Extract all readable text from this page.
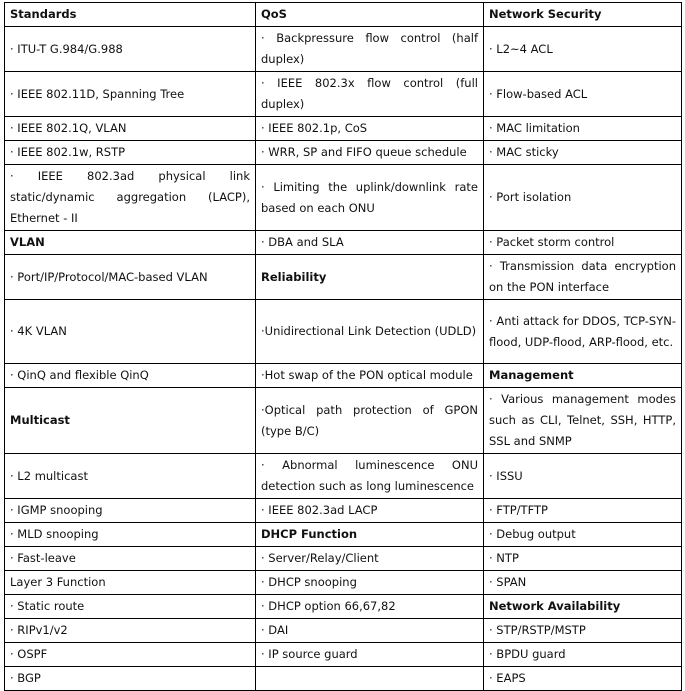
Standards	QoS	Network Security
· ITU-T G.984/G.988	· Backpressure flow control (half duplex)	· L2~4 ACL
· IEEE 802.11D, Spanning Tree	· IEEE 802.3x flow control (full duplex)	· Flow-based ACL
· IEEE 802.1Q, VLAN	· IEEE 802.1p, CoS	· MAC limitation
· IEEE 802.1w, RSTP	· WRR, SP and FIFO queue schedule	· MAC sticky
· IEEE 802.3ad physical link static/dynamic aggregation (LACP), Ethernet - II	· Limiting the uplink/downlink rate based on each ONU	· Port isolation
VLAN	· DBA and SLA	· Packet storm control
· Port/IP/Protocol/MAC-based VLAN	Reliability	· Transmission data encryption on the PON interface
· 4K VLAN	·Unidirectional Link Detection (UDLD)	· Anti attack for DDOS, TCP-SYN-flood, UDP-flood, ARP-flood, etc.
· QinQ and flexible QinQ	·Hot swap of the PON optical module	Management
Multicast	·Optical path protection of GPON (type B/C)	· Various management modes such as CLI, Telnet, SSH, HTTP, SSL and SNMP
· L2 multicast	· Abnormal luminescence ONU detection such as long luminescence	· ISSU
· IGMP snooping	· IEEE 802.3ad LACP	· FTP/TFTP
· MLD snooping	DHCP Function	· Debug output
· Fast-leave	· Server/Relay/Client	· NTP
Layer 3 Function	· DHCP snooping	· SPAN
· Static route	· DHCP option 66,67,82	Network Availability
· RIPv1/v2	· DAI	· STP/RSTP/MSTP
· OSPF	· IP source guard	· BPDU guard
· BGP		· EAPS
